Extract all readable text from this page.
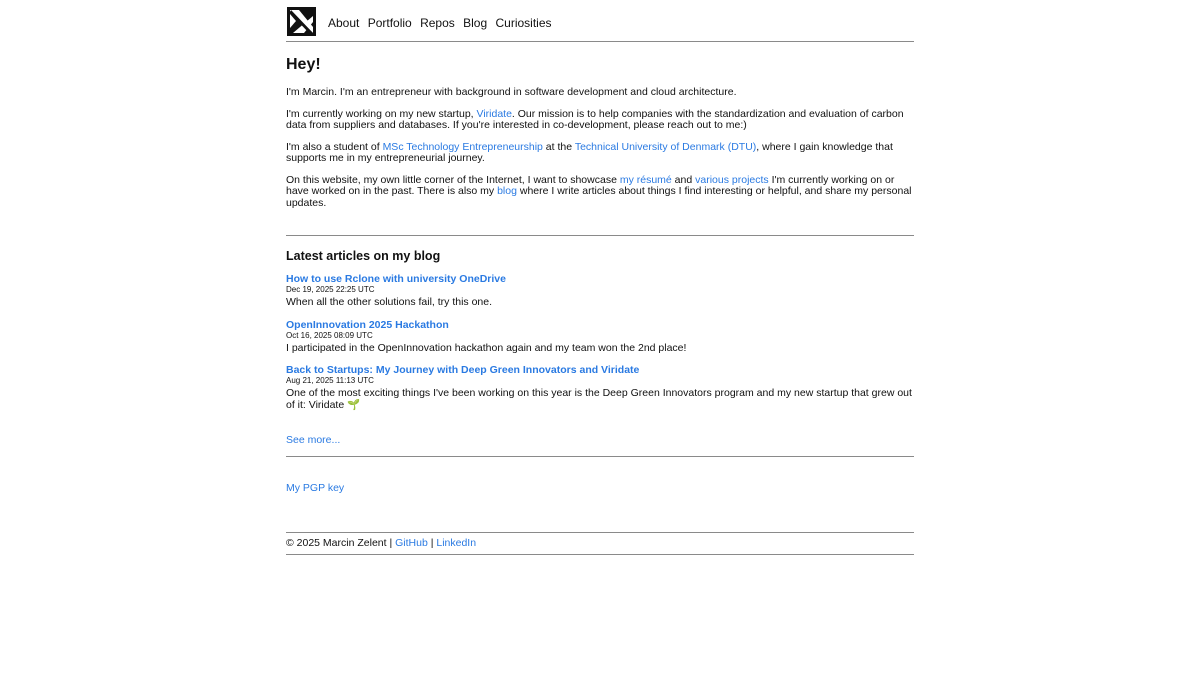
About Portfolio Repos Blog Curiosities
Hey!

I'm Marcin. I'm an entrepreneur with background in software development and cloud architecture.

I'm currently working on my new startup, Viridate. Our mission is to help companies with the standardization and evaluation of carbon data from suppliers and databases. If you're interested in co-development, please reach out to me:)

I'm also a student of MSc Technology Entrepreneurship at the Technical University of Denmark (DTU), where I gain knowledge that supports me in my entrepreneurial journey.

On this website, my own little corner of the Internet, I want to showcase my résumé and various projects I'm currently working on or have worked on in the past. There is also my blog where I write articles about things I find interesting or helpful, and share my personal updates.

Latest articles on my blog
How to use Rclone with university OneDrive
Dec 19, 2025 22:25 UTC
When all the other solutions fail, try this one.
OpenInnovation 2025 Hackathon
Oct 16, 2025 08:09 UTC
I participated in the OpenInnovation hackathon again and my team won the 2nd place!
Back to Startups: My Journey with Deep Green Innovators and Viridate
Aug 21, 2025 11:13 UTC
One of the most exciting things I've been working on this year is the Deep Green Innovators program and my new startup that grew out of it: Viridate 🌱
See more...
My PGP key
© 2025 Marcin Zelent | GitHub | LinkedIn
